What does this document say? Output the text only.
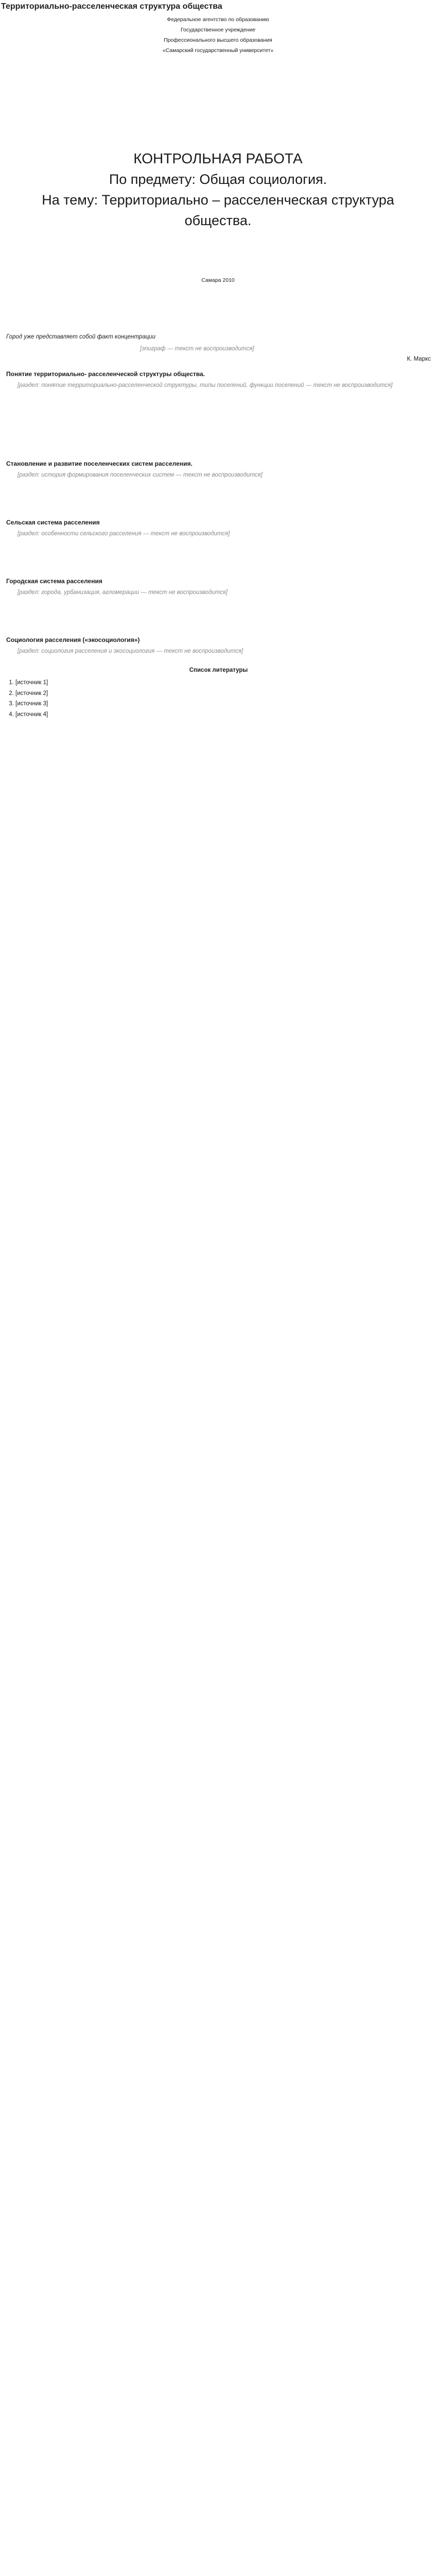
Территориально-расселенческая структура общества
Федеральное агентство по образованию
Государственное учреждение
Профессионального высшего образования
«Самарский государственный университет»
КОНТРОЛЬНАЯ РАБОТА
По предмету: Общая социология.
На тему: Территориально – расселенческая структура общества.
Самара 2010

Город уже представляет собой факт концентрации

[эпиграф — текст не воспроизводится]

К. Маркс

Понятие территориально- расселенческой структуры общества.

[раздел: понятие территориально-расселенческой структуры, типы поселений, функции поселений — текст не воспроизводится]

Становление и развитие поселенческих систем расселения.

[раздел: история формирования поселенческих систем — текст не воспроизводится]

Сельская система расселения

[раздел: особенности сельского расселения — текст не воспроизводится]

Городская система расселения

[раздел: города, урбанизация, агломерации — текст не воспроизводится]

Социология расселения («экосоциология»)

[раздел: социология расселения и экосоциология — текст не воспроизводится]

Список литературы
1. [источник 1]
2. [источник 2]
3. [источник 3]
4. [источник 4]
